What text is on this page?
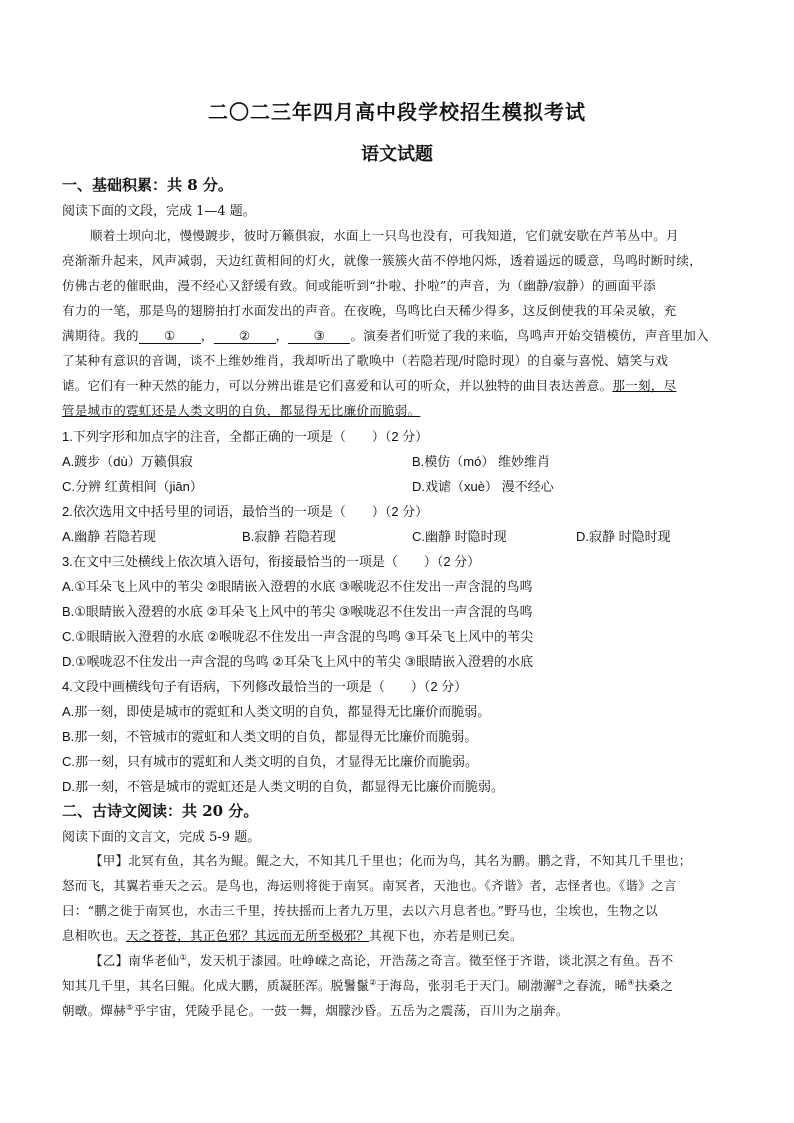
二〇二三年四月高中段学校招生模拟考试
语文试题
一、基础积累：共 8 分。
阅读下面的文段，完成 1—4 题。
顺着土坝向北，慢慢踱步，彼时万籁俱寂，水面上一只鸟也没有，可我知道，它们就安歇在芦苇丛中。月
亮渐渐升起来，风声减弱，天边红黄相间的灯火，就像一簇簇火苗不停地闪烁，透着遥远的暖意，鸟鸣时断时续，
仿佛古老的催眠曲，漫不经心又舒缓有致。间或能听到“扑啦、扑啦”的声音，为（幽静/寂静）的画面平添
有力的一笔，那是鸟的翅膀拍打水面发出的声音。在夜晚，鸟鸣比白天稀少得多，这反倒使我的耳朵灵敏，充
满期待。我的 ① ， ② ， ③ 。演奏者们听觉了我的来临，鸟鸣声开始交错模仿，声音里加入
了某种有意识的音调，谈不上维妙维肖，我却听出了歌唤中（若隐若现/时隐时现）的自豪与喜悦、嬉笑与戏
谑。它们有一种天然的能力，可以分辨出谁是它们喜爱和认可的听众，并以独特的曲目表达善意。那一刻，尽
管是城市的霓虹还是人类文明的自负，都显得无比廉价而脆弱。
1.下列字形和加点字的注音，全都正确的一项是（　　）（2 分）
A.踱步（dù）万籁俱寂	B.模仿（mó） 维妙维肖
C.分辨 红黄相间（jiān）	D.戏谑（xuè） 漫不经心
2.依次选用文中括号里的词语，最恰当的一项是（　　）（2 分）
A.幽静 若隐若现	B.寂静 若隐若现	C.幽静 时隐时现	D.寂静 时隐时现
3.在文中三处横线上依次填入语句，衔接最恰当的一项是（　　）（2 分）
A.①耳朵飞上风中的苇尖 ②眼睛嵌入澄碧的水底 ③喉咙忍不住发出一声含混的鸟鸣
B.①眼睛嵌入澄碧的水底 ②耳朵飞上风中的苇尖 ③喉咙忍不住发出一声含混的鸟鸣
C.①眼睛嵌入澄碧的水底 ②喉咙忍不住发出一声含混的鸟鸣 ③耳朵飞上风中的苇尖
D.①喉咙忍不住发出一声含混的鸟鸣 ②耳朵飞上风中的苇尖 ③眼睛嵌入澄碧的水底
4.文段中画横线句子有语病，下列修改最恰当的一项是（　　）（2 分）
A.那一刻，即使是城市的霓虹和人类文明的自负，都显得无比廉价而脆弱。
B.那一刻，不管城市的霓虹和人类文明的自负，都显得无比廉价而脆弱。
C.那一刻，只有城市的霓虹和人类文明的自负，才显得无比廉价而脆弱。
D.那一刻，不管是城市的霓虹还是人类文明的自负，都显得无比廉价而脆弱。
二、古诗文阅读：共 20 分。
阅读下面的文言文，完成 5-9 题。
【甲】北冥有鱼，其名为鲲。鲲之大，不知其几千里也；化而为鸟，其名为鹏。鹏之背，不知其几千里也；
怒而飞，其翼若垂天之云。是鸟也，海运则将徙于南冥。南冥者，天池也。《齐谐》者，志怪者也。《谐》之言
曰：“鹏之徙于南冥也，水击三千里，抟扶摇而上者九万里，去以六月息者也。”野马也，尘埃也，生物之以
息相吹也。天之苍苍，其正色邪？其远而无所至极邪？其视下也，亦若是则已矣。
【乙】南华老仙①，发天机于漆园。吐峥嵘之高论，开浩荡之奇言。徵至怪于齐谐，谈北溟之有鱼。吾不
知其几千里，其名曰鲲。化成大鹏，质凝胚浑。脱鬐鬣②于海岛，张羽毛于天门。刷渤澥③之春流，晞④扶桑之
朝暾。燀赫⑤乎宇宙，凭陵乎昆仑。一鼓一舞，烟朦沙昏。五岳为之震荡，百川为之崩奔。
